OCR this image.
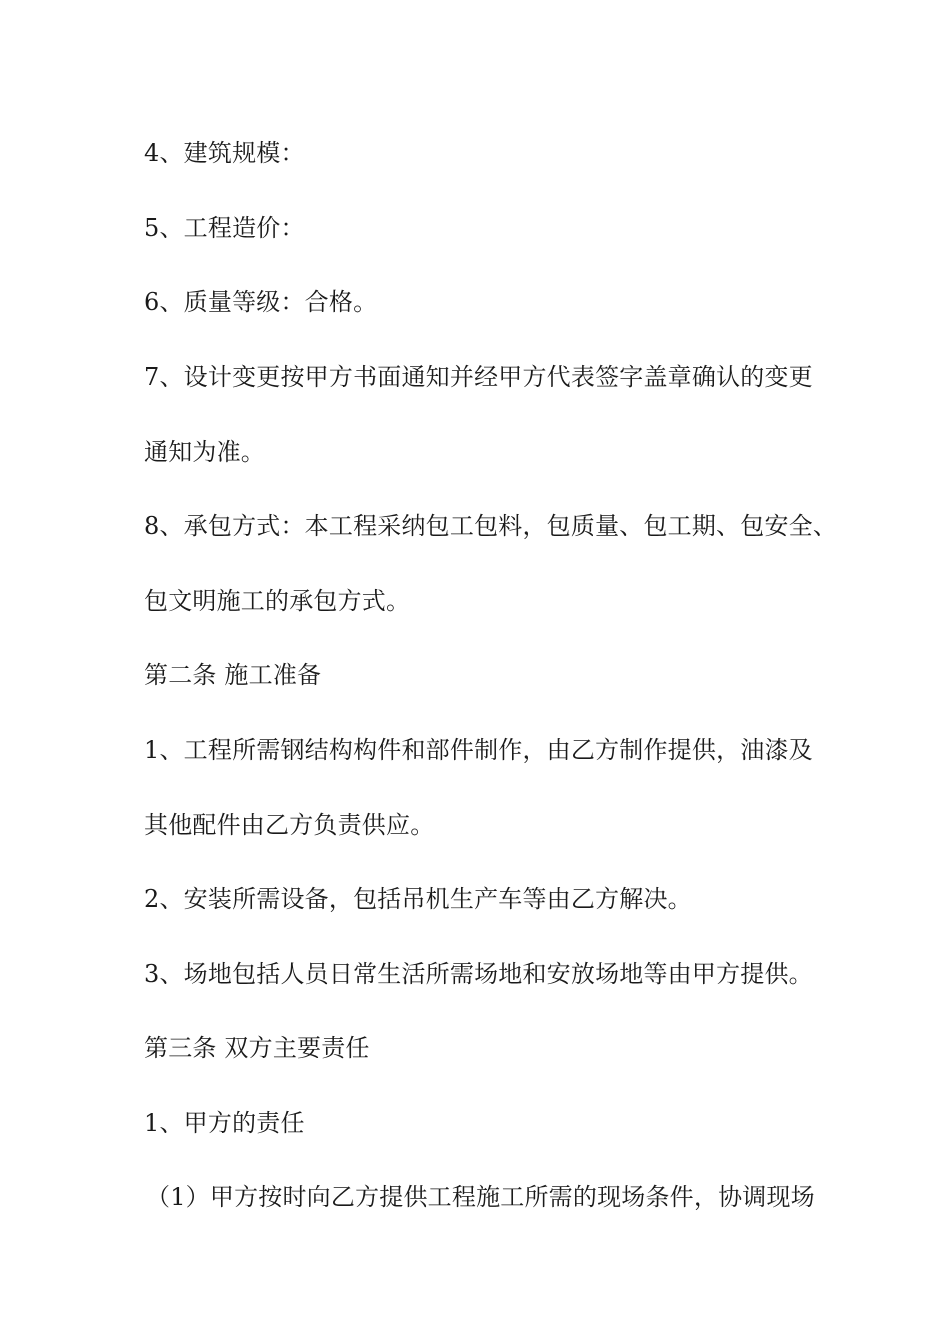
4、建筑规模：
5、工程造价：
6、质量等级：合格。
7、设计变更按甲方书面通知并经甲方代表签字盖章确认的变更
通知为准。
8、承包方式：本工程采纳包工包料，包质量、包工期、包安全、
包文明施工的承包方式。
第二条 施工准备
1、工程所需钢结构构件和部件制作，由乙方制作提供，油漆及
其他配件由乙方负责供应。
2、安装所需设备，包括吊机生产车等由乙方解决。
3、场地包括人员日常生活所需场地和安放场地等由甲方提供。
第三条 双方主要责任
1、甲方的责任
（1）甲方按时向乙方提供工程施工所需的现场条件，协调现场
